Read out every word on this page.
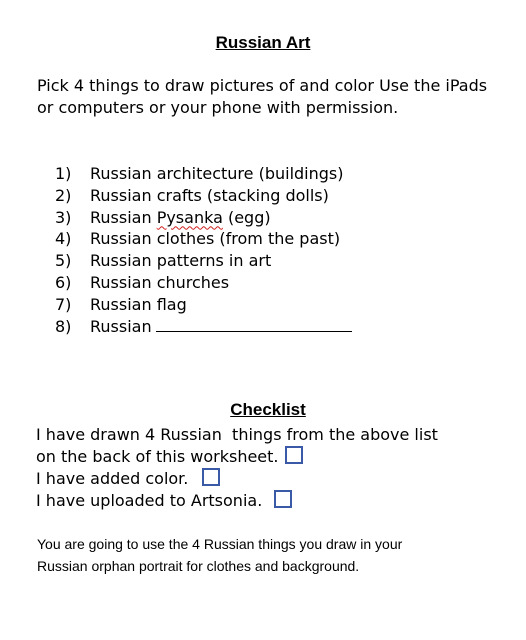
Russian Art

Pick 4 things to draw pictures of and color Use the iPads or computers or your phone with permission.

1) Russian architecture (buildings)
2) Russian crafts (stacking dolls)
3) Russian Pysanka (egg)
4) Russian clothes (from the past)
5) Russian patterns in art
6) Russian churches
7) Russian flag
8) Russian
Checklist
I have drawn 4 Russian  things from the above list
on the back of this worksheet.
I have added color.
I have uploaded to Artsonia.

You are going to use the 4 Russian things you draw in your
Russian orphan portrait for clothes and background.
